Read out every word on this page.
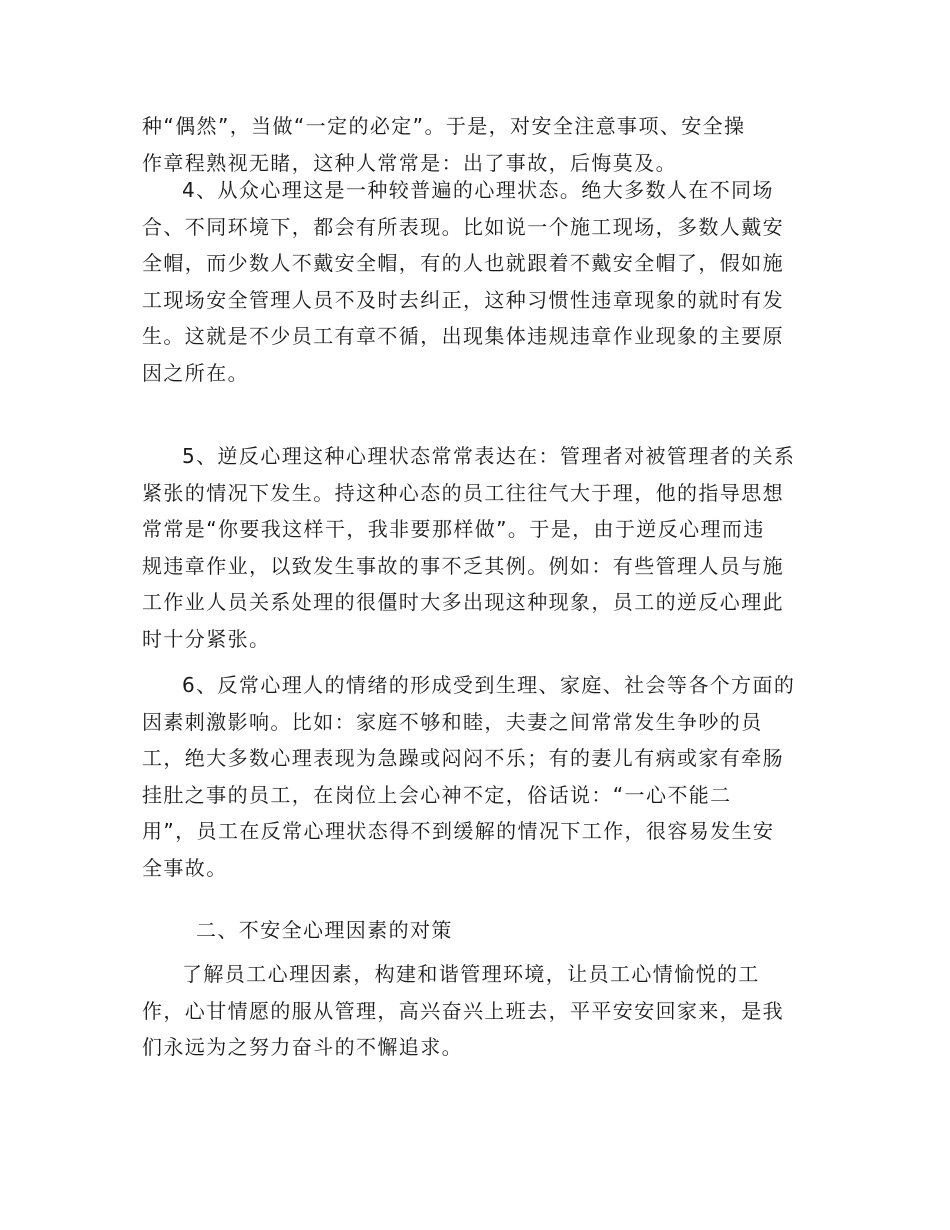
种“偶然”，当做“一定的必定”。于是，对安全注意事项、安全操
作章程熟视无睹，这种人常常是：出了事故，后悔莫及。

4、从众心理这是一种较普遍的心理状态。绝大多数人在不同场
合、不同环境下，都会有所表现。比如说一个施工现场，多数人戴安
全帽，而少数人不戴安全帽，有的人也就跟着不戴安全帽了，假如施
工现场安全管理人员不及时去纠正，这种习惯性违章现象的就时有发
生。这就是不少员工有章不循，出现集体违规违章作业现象的主要原
因之所在。

5、逆反心理这种心理状态常常表达在：管理者对被管理者的关系
紧张的情况下发生。持这种心态的员工往往气大于理，他的指导思想
常常是“你要我这样干，我非要那样做”。于是，由于逆反心理而违
规违章作业，以致发生事故的事不乏其例。例如：有些管理人员与施
工作业人员关系处理的很僵时大多出现这种现象，员工的逆反心理此
时十分紧张。

6、反常心理人的情绪的形成受到生理、家庭、社会等各个方面的
因素刺激影响。比如：家庭不够和睦，夫妻之间常常发生争吵的员
工，绝大多数心理表现为急躁或闷闷不乐；有的妻儿有病或家有牵肠
挂肚之事的员工，在岗位上会心神不定，俗话说：“一心不能二
用”，员工在反常心理状态得不到缓解的情况下工作，很容易发生安
全事故。

二、不安全心理因素的对策

了解员工心理因素，构建和谐管理环境，让员工心情愉悦的工
作，心甘情愿的服从管理，高兴奋兴上班去，平平安安回家来，是我
们永远为之努力奋斗的不懈追求。
